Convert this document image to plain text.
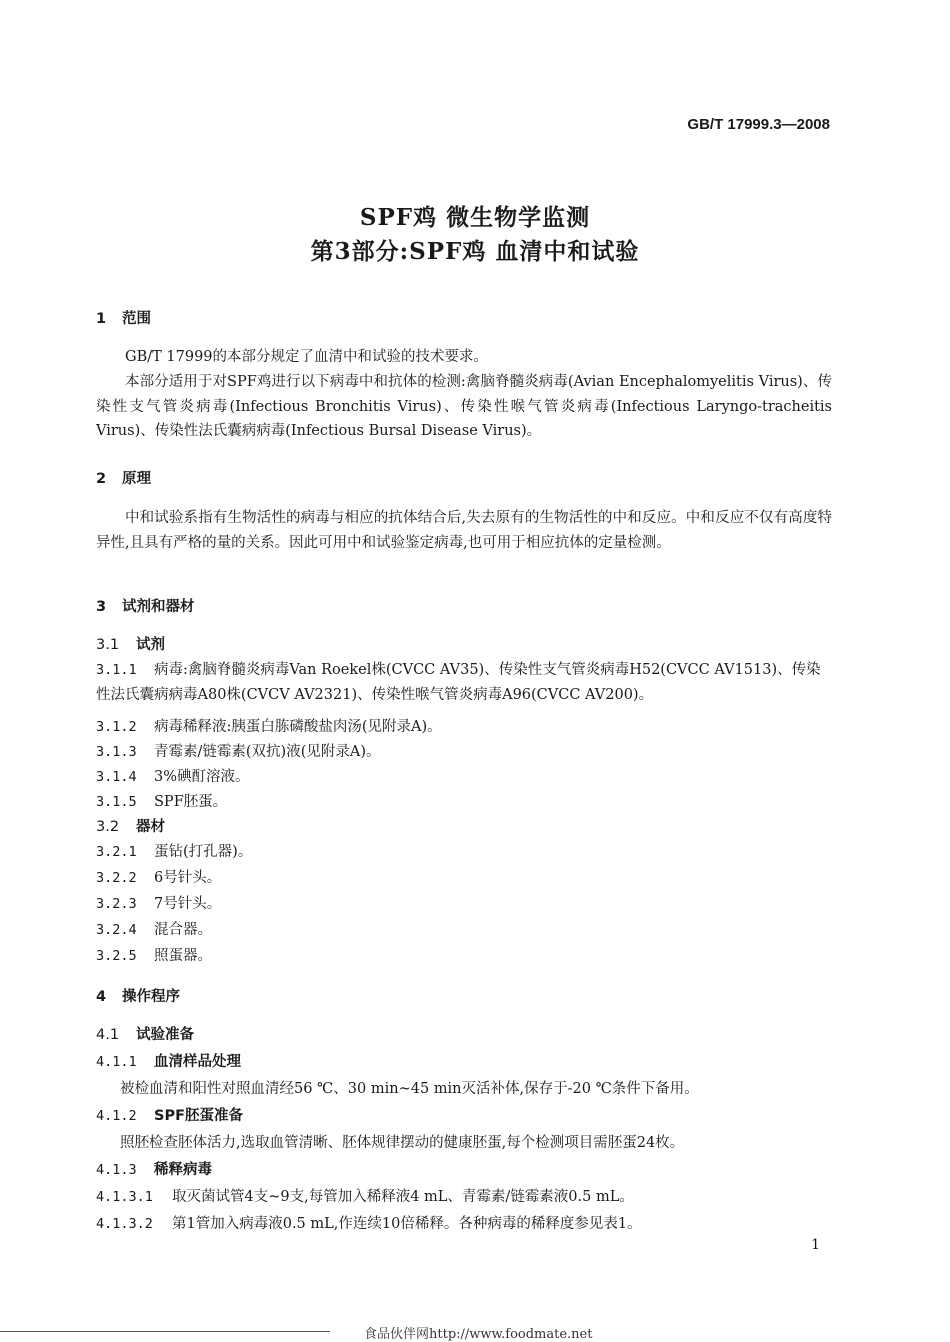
GB/T 17999.3—2008
SPF鸡 微生物学监测
第3部分:SPF鸡 血清中和试验
1 范围
GB/T 17999的本部分规定了血清中和试验的技术要求。
本部分适用于对SPF鸡进行以下病毒中和抗体的检测:禽脑脊髓炎病毒(Avian Encephalomyelitis Virus)、传染性支气管炎病毒(Infectious Bronchitis Virus)、传染性喉气管炎病毒(Infectious Laryngo-tracheitis Virus)、传染性法氏囊病病毒(Infectious Bursal Disease Virus)。
2 原理
中和试验系指有生物活性的病毒与相应的抗体结合后,失去原有的生物活性的中和反应。中和反应不仅有高度特异性,且具有严格的量的关系。因此可用中和试验鉴定病毒,也可用于相应抗体的定量检测。
3 试剂和器材
3.1 试剂
3.1.1 病毒:禽脑脊髓炎病毒Van Roekel株(CVCC AV35)、传染性支气管炎病毒H52(CVCC AV1513)、传染性法氏囊病病毒A80株(CVCV AV2321)、传染性喉气管炎病毒A96(CVCC AV200)。
3.1.2 病毒稀释液:胰蛋白胨磷酸盐肉汤(见附录A)。
3.1.3 青霉素/链霉素(双抗)液(见附录A)。
3.1.4 3%碘酊溶液。
3.1.5 SPF胚蛋。
3.2 器材
3.2.1 蛋钻(打孔器)。
3.2.2 6号针头。
3.2.3 7号针头。
3.2.4 混合器。
3.2.5 照蛋器。
4 操作程序
4.1 试验准备
4.1.1 血清样品处理
被检血清和阳性对照血清经56 ℃、30 min~45 min灭活补体,保存于-20 ℃条件下备用。
4.1.2 SPF胚蛋准备
照胚检查胚体活力,选取血管清晰、胚体规律摆动的健康胚蛋,每个检测项目需胚蛋24枚。
4.1.3 稀释病毒
4.1.3.1 取灭菌试管4支~9支,每管加入稀释液4 mL、青霉素/链霉素液0.5 mL。
4.1.3.2 第1管加入病毒液0.5 mL,作连续10倍稀释。各种病毒的稀释度参见表1。
1
食品伙伴网http://www.foodmate.net
